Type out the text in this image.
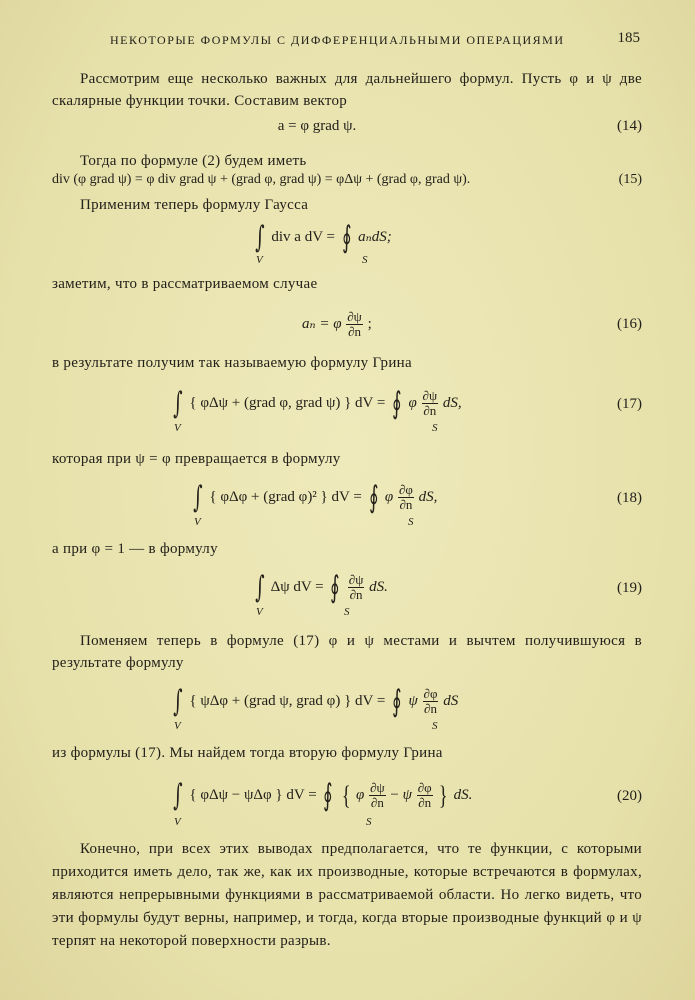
НЕКОТОРЫЕ ФОРМУЛЫ С ДИФФЕРЕНЦИАЛЬНЫМИ ОПЕРАЦИЯМИ	185
Рассмотрим еще несколько важных для дальнейшего формул. Пусть φ и ψ две скалярные функции точки. Составим вектор
a = φ grad ψ.	(14)
Тогда по формуле (2) будем иметь
div (φ grad ψ) = φ div grad ψ + (grad φ, grad ψ) = φΔψ + (grad φ, grad ψ).	(15)
Применим теперь формулу Гаусса
∫ div a dV = ∮ aₙdS;
V	S
заметим, что в рассматриваемом случае
aₙ = φ $\frac{\partial\psi}{\partial n}$ ;	(16)
в результате получим так называемую формулу Грина
∫ { φΔψ + (grad φ, grad ψ) } dV = ∮ φ $\frac{\partial\psi}{\partial n}$ dS,
V	S
(17)
которая при ψ = φ превращается в формулу
∫ { φΔφ + (grad φ)² } dV = ∮ φ $\frac{\partial\varphi}{\partial n}$ dS,
V	S
(18)
а при φ = 1 — в формулу
∫ Δψ dV = ∮ $\frac{\partial\psi}{\partial n}$ dS.
V	S
(19)
Поменяем теперь в формуле (17) φ и ψ местами и вычтем получившуюся в результате формулу
∫ { ψΔφ + (grad ψ, grad φ) } dV = ∮ ψ $\frac{\partial\varphi}{\partial n}$ dS
V	S
из формулы (17). Мы найдем тогда вторую формулу Грина
∫ { φΔψ − ψΔφ } dV = ∮ { φ $\frac{\partial\psi}{\partial n} - \psi \frac{\partial\varphi}{\partial n}$ } dS.
V	S
(20)
Конечно, при всех этих выводах предполагается, что те функции, с которыми приходится иметь дело, так же, как их производные, которые встречаются в формулах, являются непрерывными функциями в рассматриваемой области. Но легко видеть, что эти формулы будут верны, например, и тогда, когда вторые производные функций φ и ψ терпят на некоторой поверхности разрыв.
